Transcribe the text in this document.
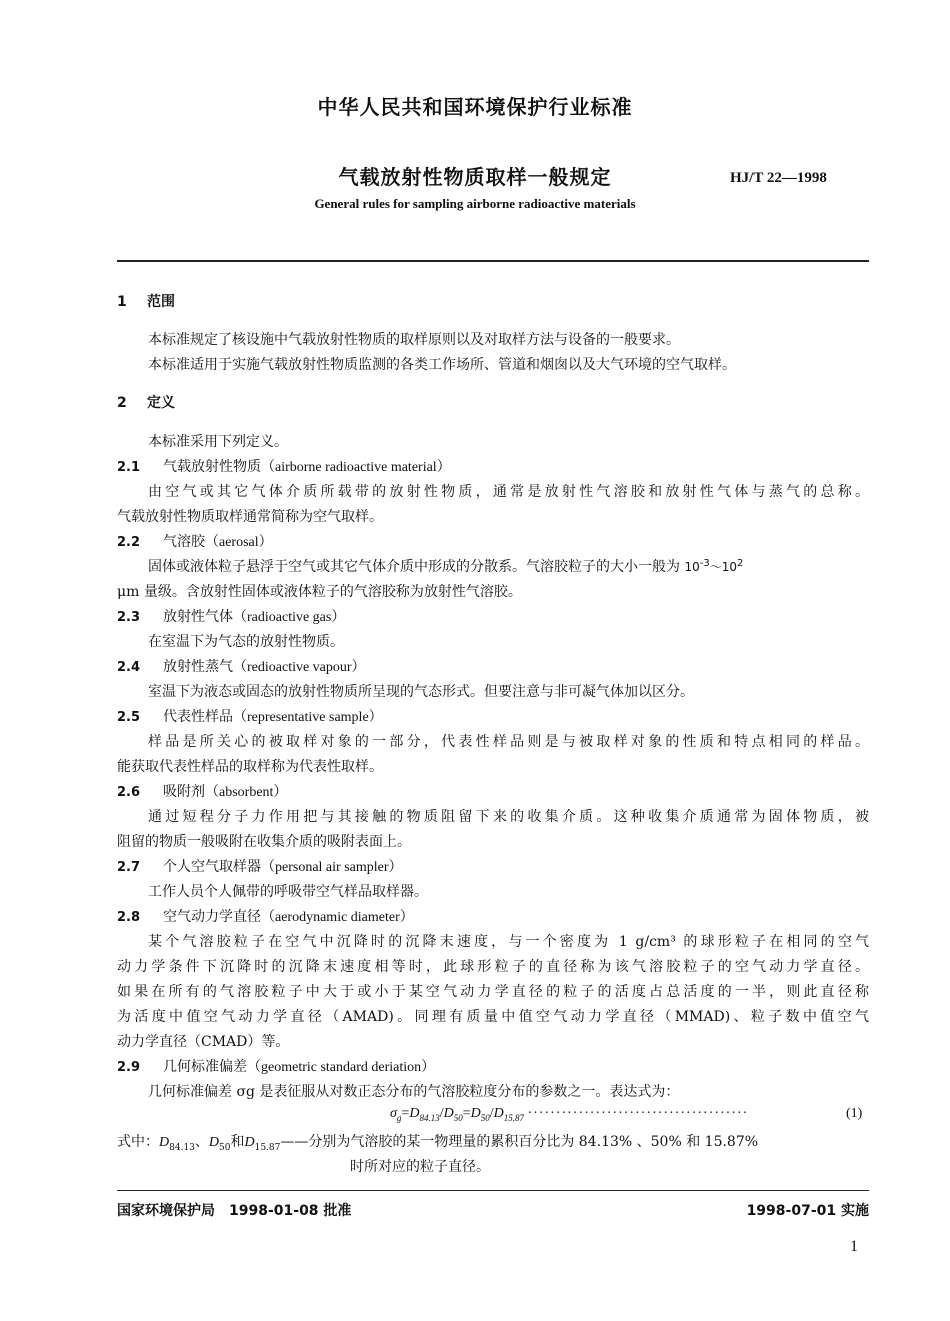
中华人民共和国环境保护行业标准
气载放射性物质取样一般规定	HJ/T 22—1998
General rules for sampling airborne radioactive materials
1 范围
本标准规定了核设施中气载放射性物质的取样原则以及对取样方法与设备的一般要求。
本标准适用于实施气载放射性物质监测的各类工作场所、管道和烟囱以及大气环境的空气取样。
2 定义
本标准采用下列定义。
2.1 气载放射性物质（airborne radioactive material）
由空气或其它气体介质所载带的放射性物质，通常是放射性气溶胶和放射性气体与蒸气的总称。
气载放射性物质取样通常简称为空气取样。
2.2 气溶胶（aerosal）
固体或液体粒子悬浮于空气或其它气体介质中形成的分散系。气溶胶粒子的大小一般为 $10^{-3}\sim 10^2$
μm 量级。含放射性固体或液体粒子的气溶胶称为放射性气溶胶。
2.3 放射性气体（radioactive gas）
在室温下为气态的放射性物质。
2.4 放射性蒸气（redioactive vapour）
室温下为液态或固态的放射性物质所呈现的气态形式。但要注意与非可凝气体加以区分。
2.5 代表性样品（representative sample）
样品是所关心的被取样对象的一部分，代表性样品则是与被取样对象的性质和特点相同的样品。
能获取代表性样品的取样称为代表性取样。
2.6 吸附剂（absorbent）
通过短程分子力作用把与其接触的物质阻留下来的收集介质。这种收集介质通常为固体物质，被
阻留的物质一般吸附在收集介质的吸附表面上。
2.7 个人空气取样器（personal air sampler）
工作人员个人佩带的呼吸带空气样品取样器。
2.8 空气动力学直径（aerodynamic diameter）
某个气溶胶粒子在空气中沉降时的沉降末速度，与一个密度为 1 g/cm³ 的球形粒子在相同的空气
动力学条件下沉降时的沉降末速度相等时，此球形粒子的直径称为该气溶胶粒子的空气动力学直径。
如果在所有的气溶胶粒子中大于或小于某空气动力学直径的粒子的活度占总活度的一半，则此直径称
为活度中值空气动力学直径（AMAD)。同理有质量中值空气动力学直径（MMAD)、粒子数中值空气
动力学直径（CMAD）等。
2.9 几何标准偏差（geometric standard deriation）
几何标准偏差 σg 是表征服从对数正态分布的气溶胶粒度分布的参数之一。表达式为：
$\sigma_g=D_{84.13}/D_{50}=D_{50}/D_{15.87}$ ·······································	(1)
式中：$D_{84.13}$、$D_{50}$和$D_{15.87}——$分别为气溶胶的某一物理量的累积百分比为 84.13% 、50% 和 15.87%
时所对应的粒子直径。
国家环境保护局　1998-01-08 批准	1998-07-01 实施
1
